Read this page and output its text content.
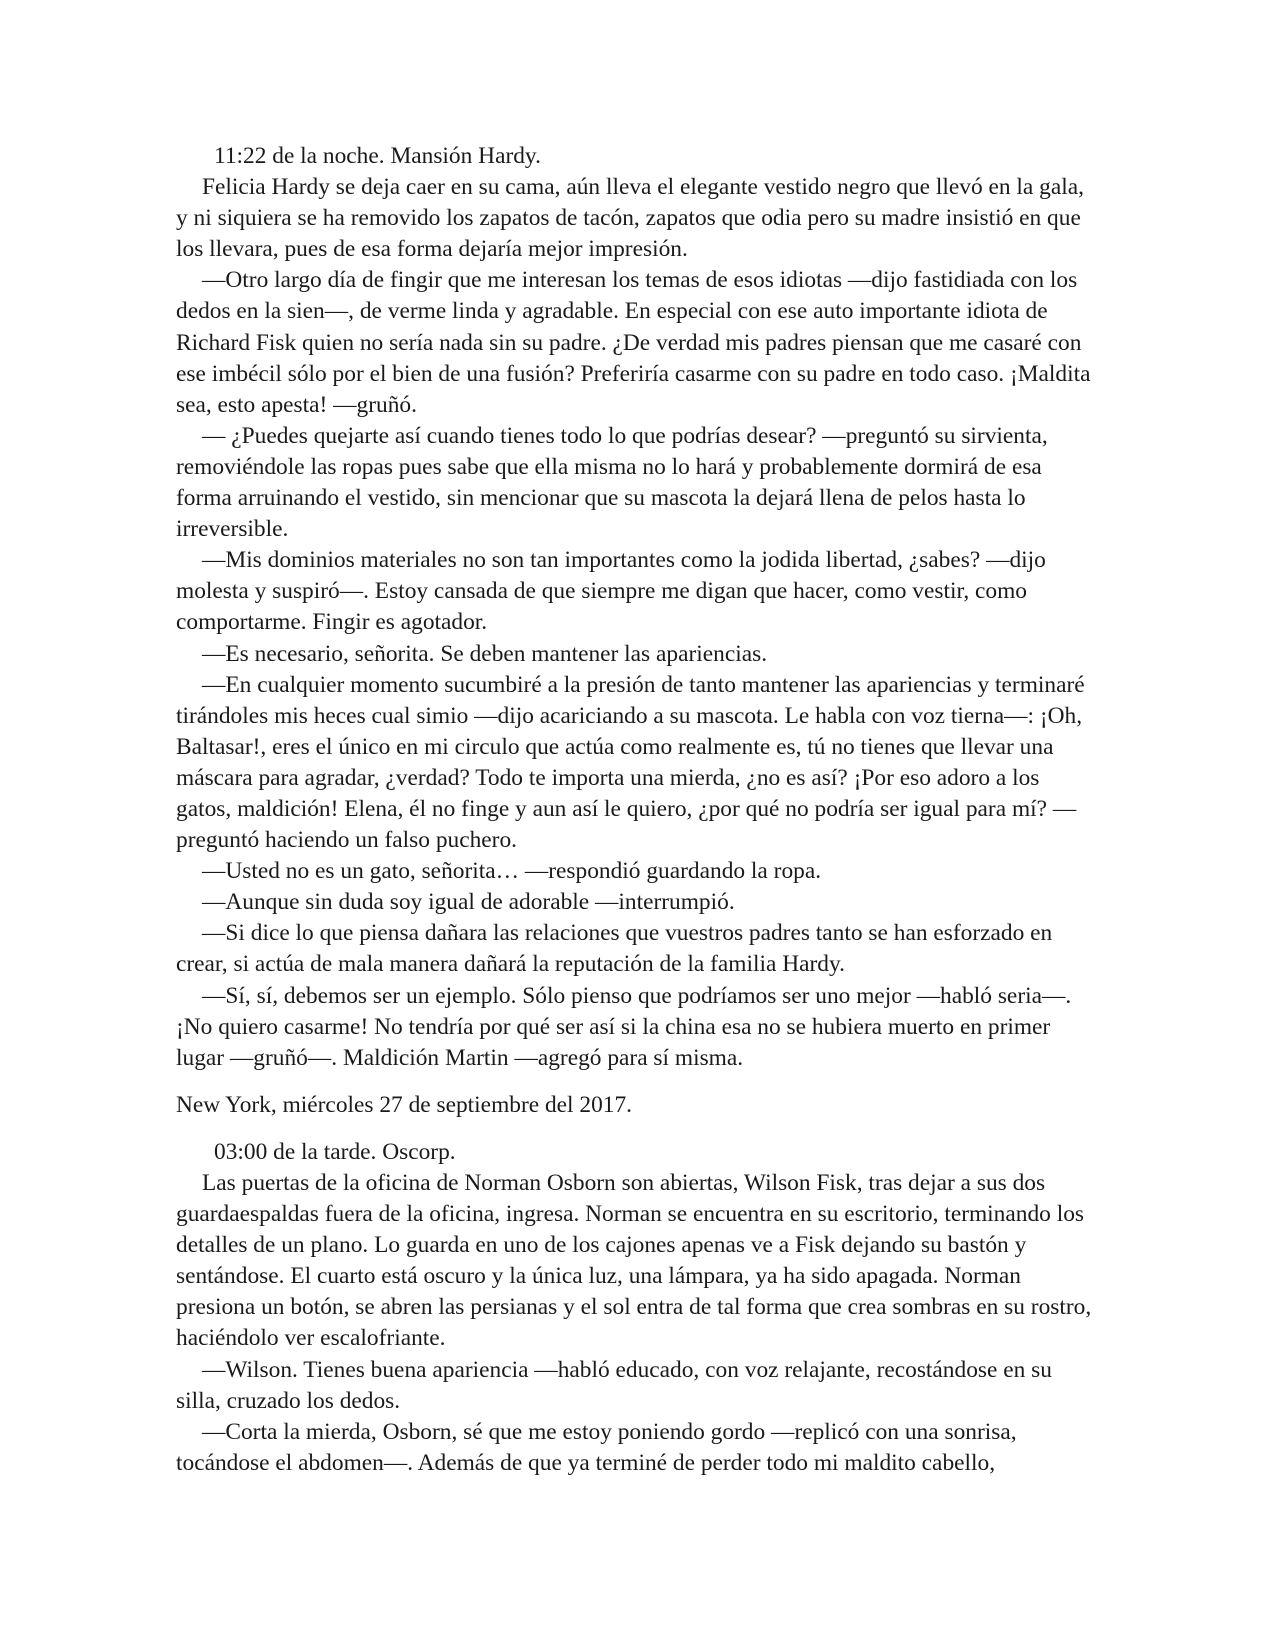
11:22 de la noche. Mansión Hardy.

Felicia Hardy se deja caer en su cama, aún lleva el elegante vestido negro que llevó en la gala, y ni siquiera se ha removido los zapatos de tacón, zapatos que odia pero su madre insistió en que los llevara, pues de esa forma dejaría mejor impresión.

—Otro largo día de fingir que me interesan los temas de esos idiotas —dijo fastidiada con los dedos en la sien—, de verme linda y agradable. En especial con ese auto importante idiota de Richard Fisk quien no sería nada sin su padre. ¿De verdad mis padres piensan que me casaré con ese imbécil sólo por el bien de una fusión? Preferiría casarme con su padre en todo caso. ¡Maldita sea, esto apesta! —gruñó.

— ¿Puedes quejarte así cuando tienes todo lo que podrías desear? —preguntó su sirvienta, removiéndole las ropas pues sabe que ella misma no lo hará y probablemente dormirá de esa forma arruinando el vestido, sin mencionar que su mascota la dejará llena de pelos hasta lo irreversible.

—Mis dominios materiales no son tan importantes como la jodida libertad, ¿sabes? —dijo molesta y suspiró—. Estoy cansada de que siempre me digan que hacer, como vestir, como comportarme. Fingir es agotador.

—Es necesario, señorita. Se deben mantener las apariencias.

—En cualquier momento sucumbiré a la presión de tanto mantener las apariencias y terminaré tirándoles mis heces cual simio —dijo acariciando a su mascota. Le habla con voz tierna—: ¡Oh, Baltasar!, eres el único en mi circulo que actúa como realmente es, tú no tienes que llevar una máscara para agradar, ¿verdad? Todo te importa una mierda, ¿no es así? ¡Por eso adoro a los gatos, maldición! Elena, él no finge y aun así le quiero, ¿por qué no podría ser igual para mí? —preguntó haciendo un falso puchero.

—Usted no es un gato, señorita… —respondió guardando la ropa.

—Aunque sin duda soy igual de adorable —interrumpió.

—Si dice lo que piensa dañara las relaciones que vuestros padres tanto se han esforzado en crear, si actúa de mala manera dañará la reputación de la familia Hardy.

—Sí, sí, debemos ser un ejemplo. Sólo pienso que podríamos ser uno mejor —habló seria—. ¡No quiero casarme! No tendría por qué ser así si la china esa no se hubiera muerto en primer lugar —gruñó—. Maldición Martin —agregó para sí misma.

New York, miércoles 27 de septiembre del 2017.

03:00 de la tarde. Oscorp.

Las puertas de la oficina de Norman Osborn son abiertas, Wilson Fisk, tras dejar a sus dos guardaespaldas fuera de la oficina, ingresa. Norman se encuentra en su escritorio, terminando los detalles de un plano. Lo guarda en uno de los cajones apenas ve a Fisk dejando su bastón y sentándose. El cuarto está oscuro y la única luz, una lámpara, ya ha sido apagada. Norman presiona un botón, se abren las persianas y el sol entra de tal forma que crea sombras en su rostro, haciéndolo ver escalofriante.

—Wilson. Tienes buena apariencia —habló educado, con voz relajante, recostándose en su silla, cruzado los dedos.

—Corta la mierda, Osborn, sé que me estoy poniendo gordo —replicó con una sonrisa, tocándose el abdomen—. Además de que ya terminé de perder todo mi maldito cabello,
